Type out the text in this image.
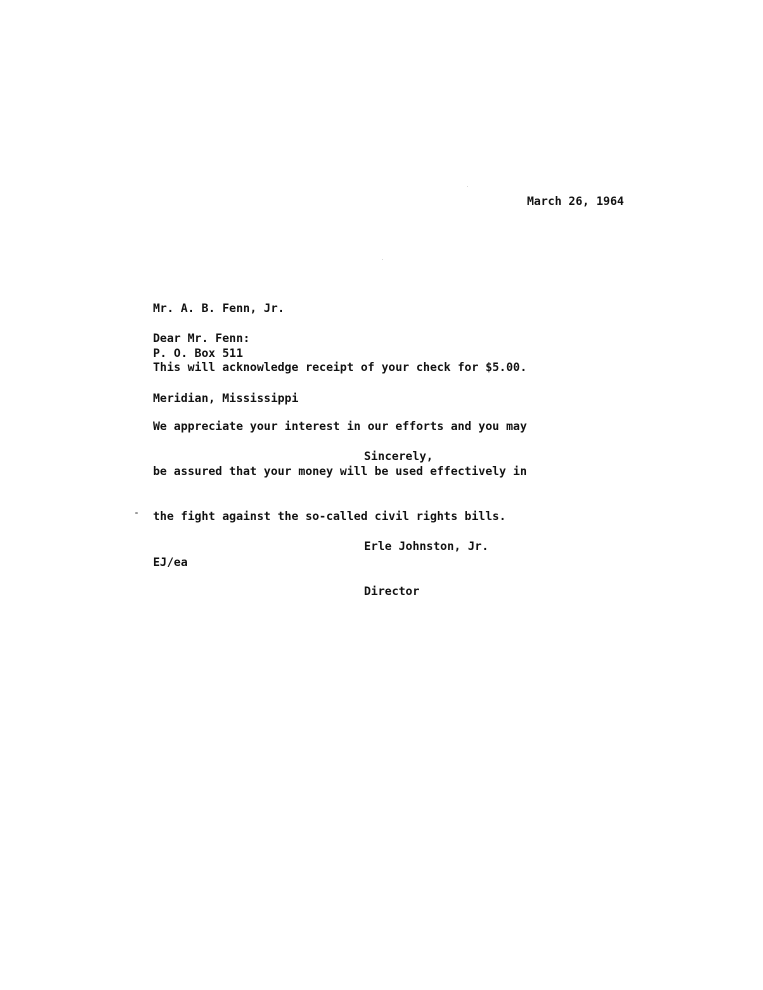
March 26, 1964

Mr. A. B. Fenn, Jr.

P. O. Box 511

Meridian, Mississippi

Dear Mr. Fenn:
This will acknowledge receipt of your check for $5.00.

We appreciate your interest in our efforts and you may

be assured that your money will be used effectively in

the fight against the so-called civil rights bills.

Sincerely,

Erle Johnston, Jr.

Director

EJ/ea
